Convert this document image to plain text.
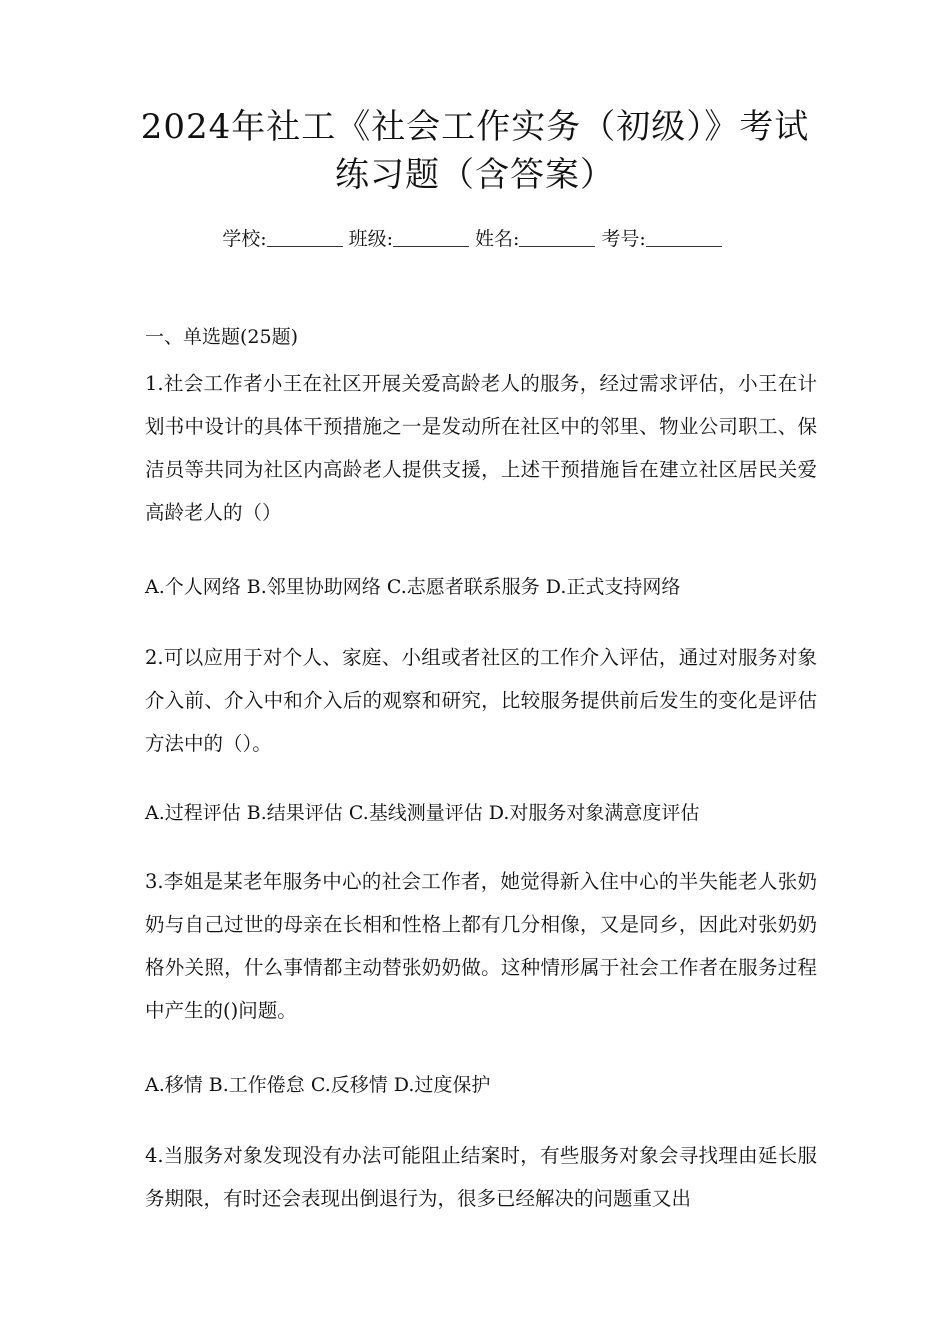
2024年社工《社会工作实务（初级）》考试
练习题（含答案）
学校:	班级:	姓名:	考号:
一、单选题(25题)

1.社会工作者小王在社区开展关爱高龄老人的服务，经过需求评估，小王在计划书中设计的具体干预措施之一是发动所在社区中的邻里、物业公司职工、保洁员等共同为社区内高龄老人提供支援，上述干预措施旨在建立社区居民关爱高龄老人的（）

A.个人网络 B.邻里协助网络 C.志愿者联系服务 D.正式支持网络

2.可以应用于对个人、家庭、小组或者社区的工作介入评估，通过对服务对象介入前、介入中和介入后的观察和研究，比较服务提供前后发生的变化是评估方法中的（）。

A.过程评估 B.结果评估 C.基线测量评估 D.对服务对象满意度评估

3.李姐是某老年服务中心的社会工作者，她觉得新入住中心的半失能老人张奶奶与自己过世的母亲在长相和性格上都有几分相像，又是同乡，因此对张奶奶格外关照，什么事情都主动替张奶奶做。这种情形属于社会工作者在服务过程中产生的()问题。

A.移情 B.工作倦怠 C.反移情 D.过度保护

4.当服务对象发现没有办法可能阻止结案时，有些服务对象会寻找理由延长服务期限，有时还会表现出倒退行为，很多已经解决的问题重又出
